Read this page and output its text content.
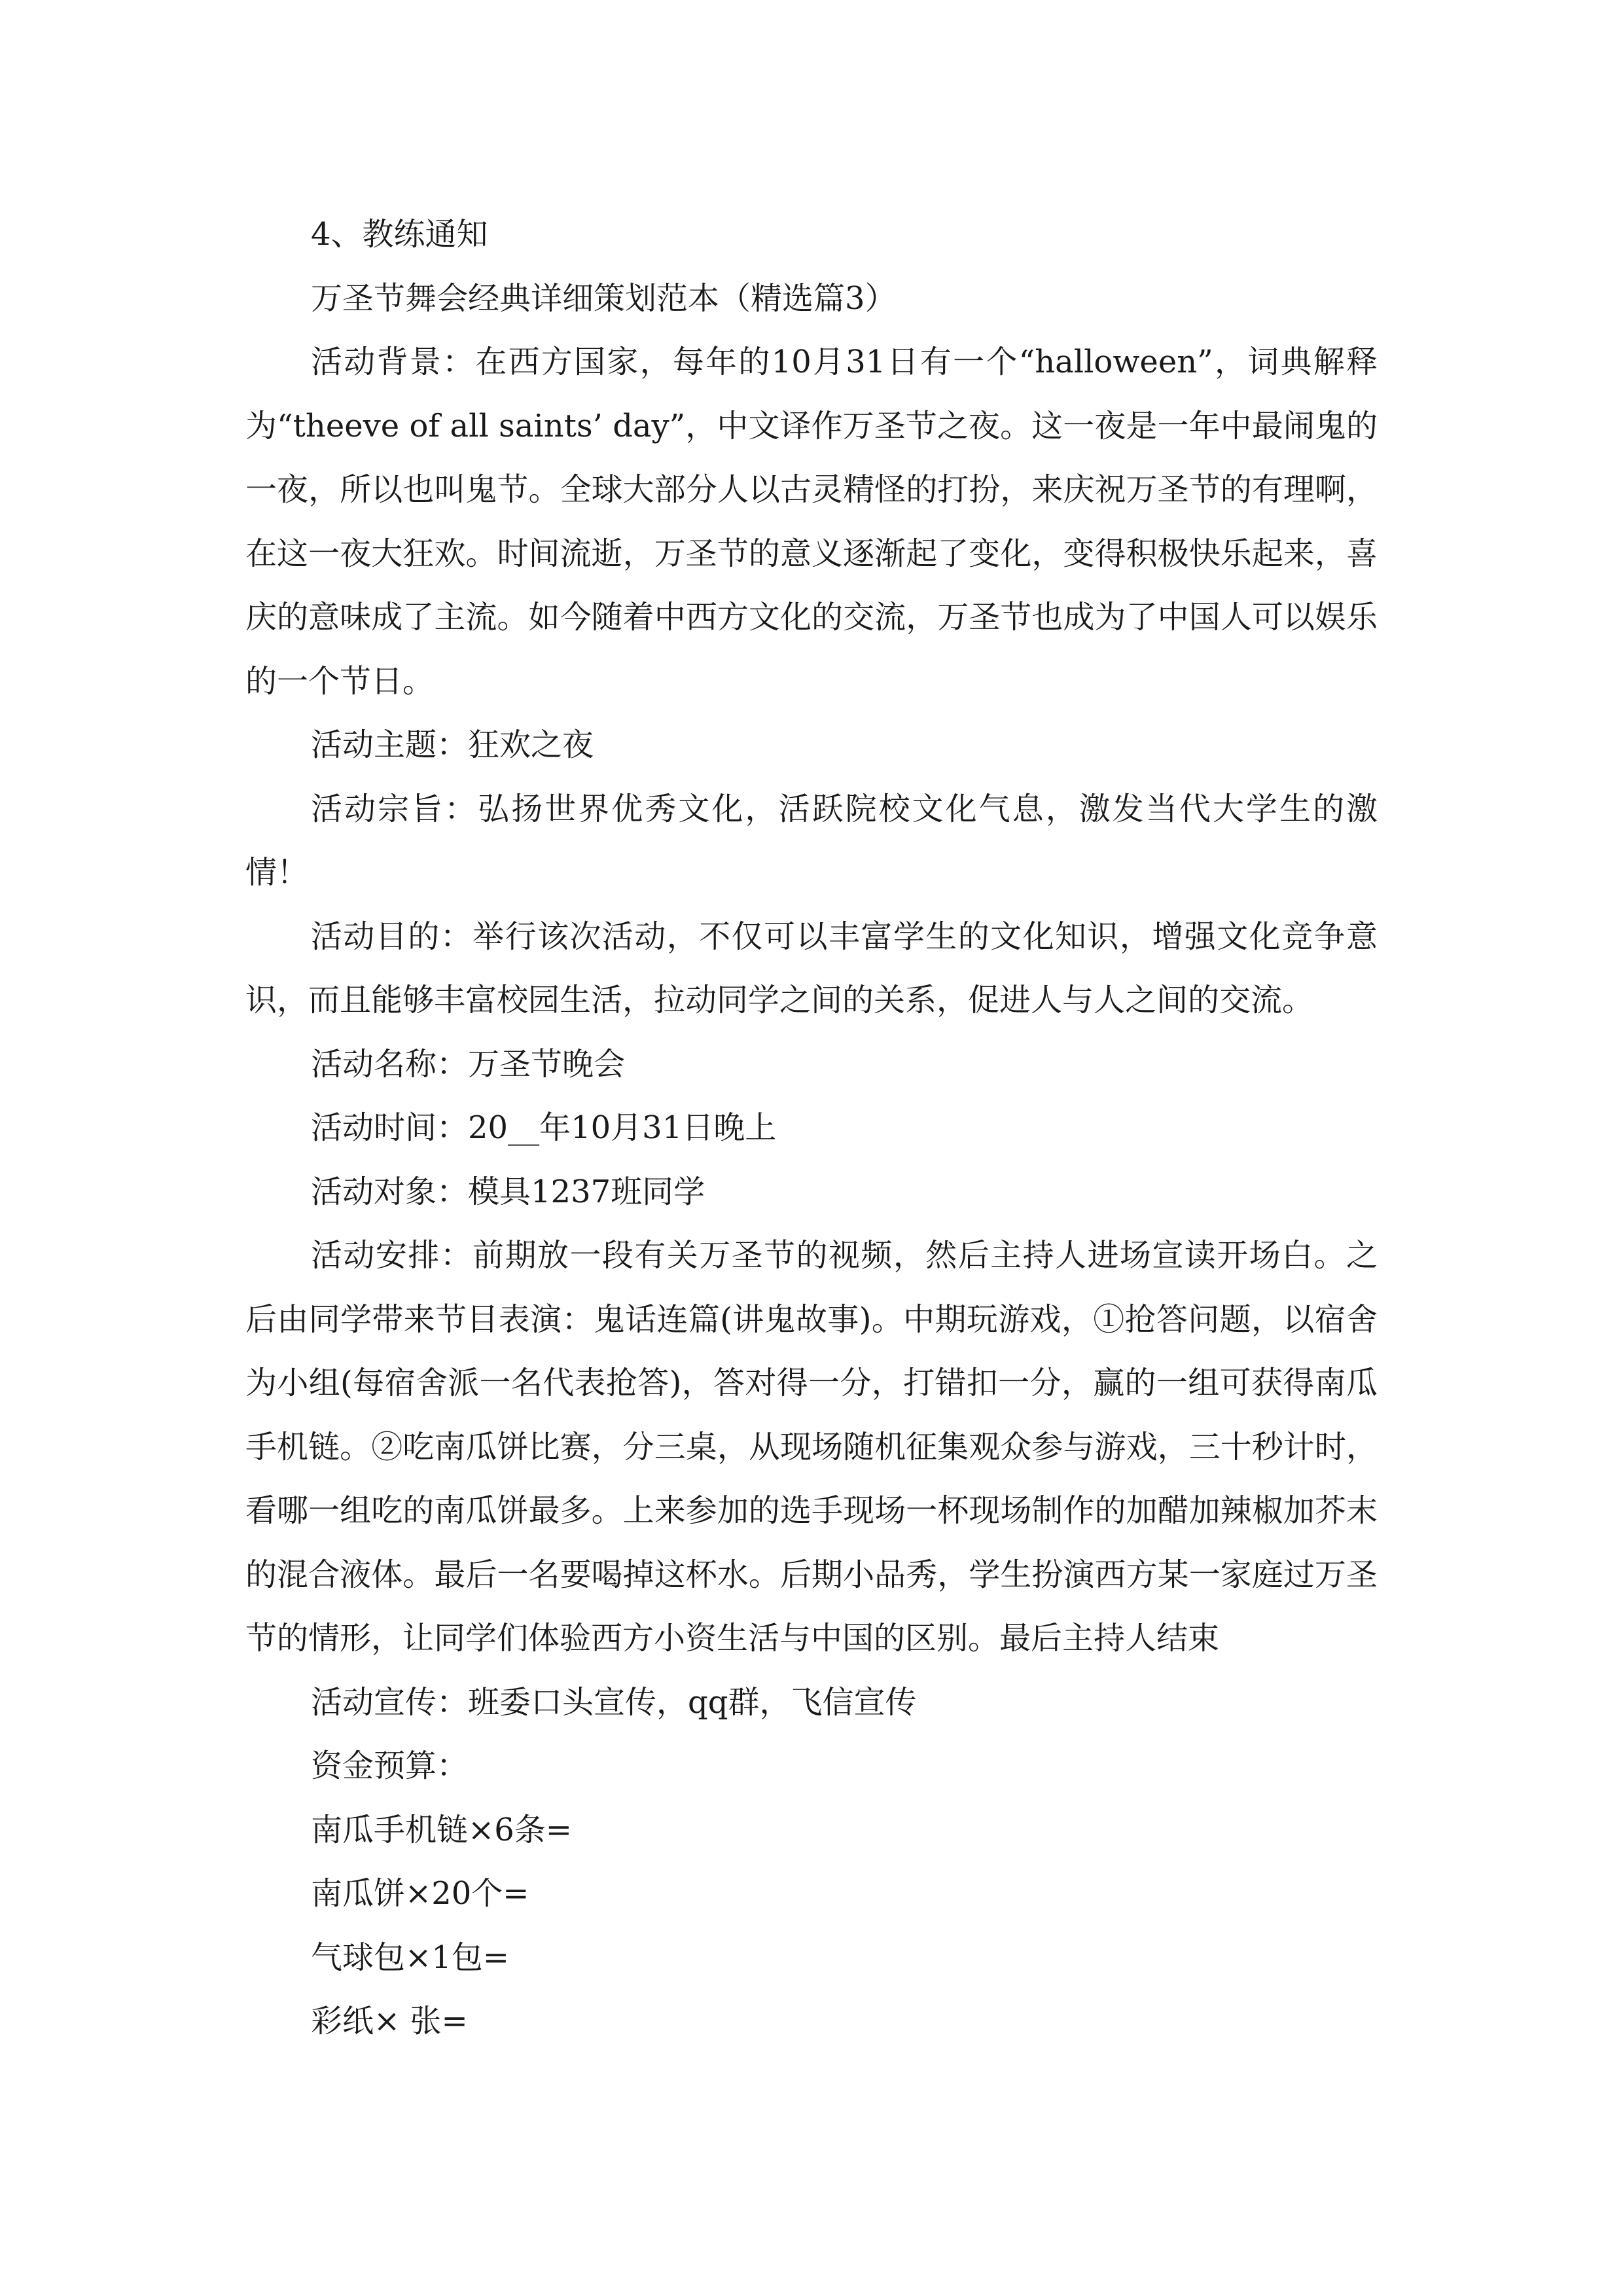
4、教练通知

万圣节舞会经典详细策划范本（精选篇3）

活动背景：在西方国家，每年的10月31日有一个“halloween”，词典解释为“theeve of all saints’ day”，中文译作万圣节之夜。这一夜是一年中最闹鬼的一夜，所以也叫鬼节。全球大部分人以古灵精怪的打扮，来庆祝万圣节的有理啊，在这一夜大狂欢。时间流逝，万圣节的意义逐渐起了变化，变得积极快乐起来，喜庆的意味成了主流。如今随着中西方文化的交流，万圣节也成为了中国人可以娱乐的一个节日。

活动主题：狂欢之夜

活动宗旨：弘扬世界优秀文化，活跃院校文化气息，激发当代大学生的激情！

活动目的：举行该次活动，不仅可以丰富学生的文化知识，增强文化竞争意识，而且能够丰富校园生活，拉动同学之间的关系，促进人与人之间的交流。

活动名称：万圣节晚会

活动时间：20__年10月31日晚上

活动对象：模具1237班同学

活动安排：前期放一段有关万圣节的视频，然后主持人进场宣读开场白。之后由同学带来节目表演：鬼话连篇(讲鬼故事)。中期玩游戏，①抢答问题，以宿舍为小组(每宿舍派一名代表抢答)，答对得一分，打错扣一分，赢的一组可获得南瓜手机链。②吃南瓜饼比赛，分三桌，从现场随机征集观众参与游戏，三十秒计时，看哪一组吃的南瓜饼最多。上来参加的选手现场一杯现场制作的加醋加辣椒加芥末的混合液体。最后一名要喝掉这杯水。后期小品秀，学生扮演西方某一家庭过万圣节的情形，让同学们体验西方小资生活与中国的区别。最后主持人结束

活动宣传：班委口头宣传，qq群，飞信宣传

资金预算：

南瓜手机链×6条=

南瓜饼×20个=

气球包×1包=

彩纸× 张=
